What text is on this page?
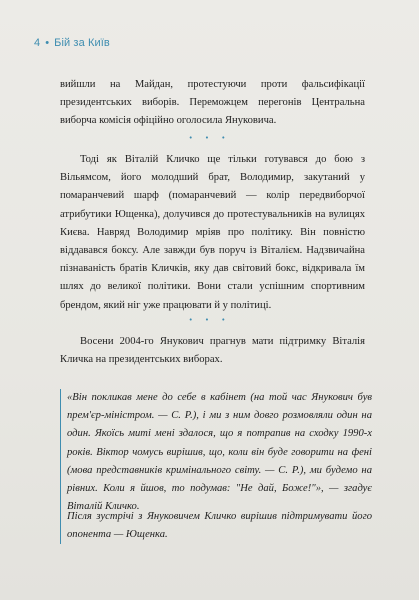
4 • Бій за Київ

вийшли на Майдан, протестуючи проти фальсифікації президентських виборів. Переможцем перегонів Центральна виборча комісія офіційно оголосила Януковича.

• • •

Тоді як Віталій Кличко ще тільки готувався до бою з Вільямсом, його молодший брат, Володимир, закутаний у помаранчевий шарф (помаранчевий — колір передвиборчої атрибутики Ющенка), долучився до протестувальників на вулицях Києва. Навряд Володимир мріяв про політику. Він повністю віддавався боксу. Але завжди був поруч із Віталієм. Надзвичайна пізнаваність братів Кличків, яку дав світовий бокс, відкривала їм шлях до великої політики. Вони стали успішним спортивним брендом, який ніг уже працювати й у політиці.

• • •

Восени 2004-го Янукович прагнув мати підтримку Віталія Кличка на президентських виборах.

«Він покликав мене до себе в кабінет (на той час Янукович був прем'єр-міністром. — С. Р.), і ми з ним довго розмовляли один на один. Якоїсь миті мені здалося, що я потрапив на сходку 1990-х років. Віктор чомусь вирішив, що, коли він буде говорити на фені (мова представників кримінального світу. — С. Р.), ми будемо на рівних. Коли я йшов, то подумав: "Не дай, Боже!"», — згадує Віталій Кличко.

Після зустрічі з Януковичем Кличко вирішив підтримувати його опонента — Ющенка.
